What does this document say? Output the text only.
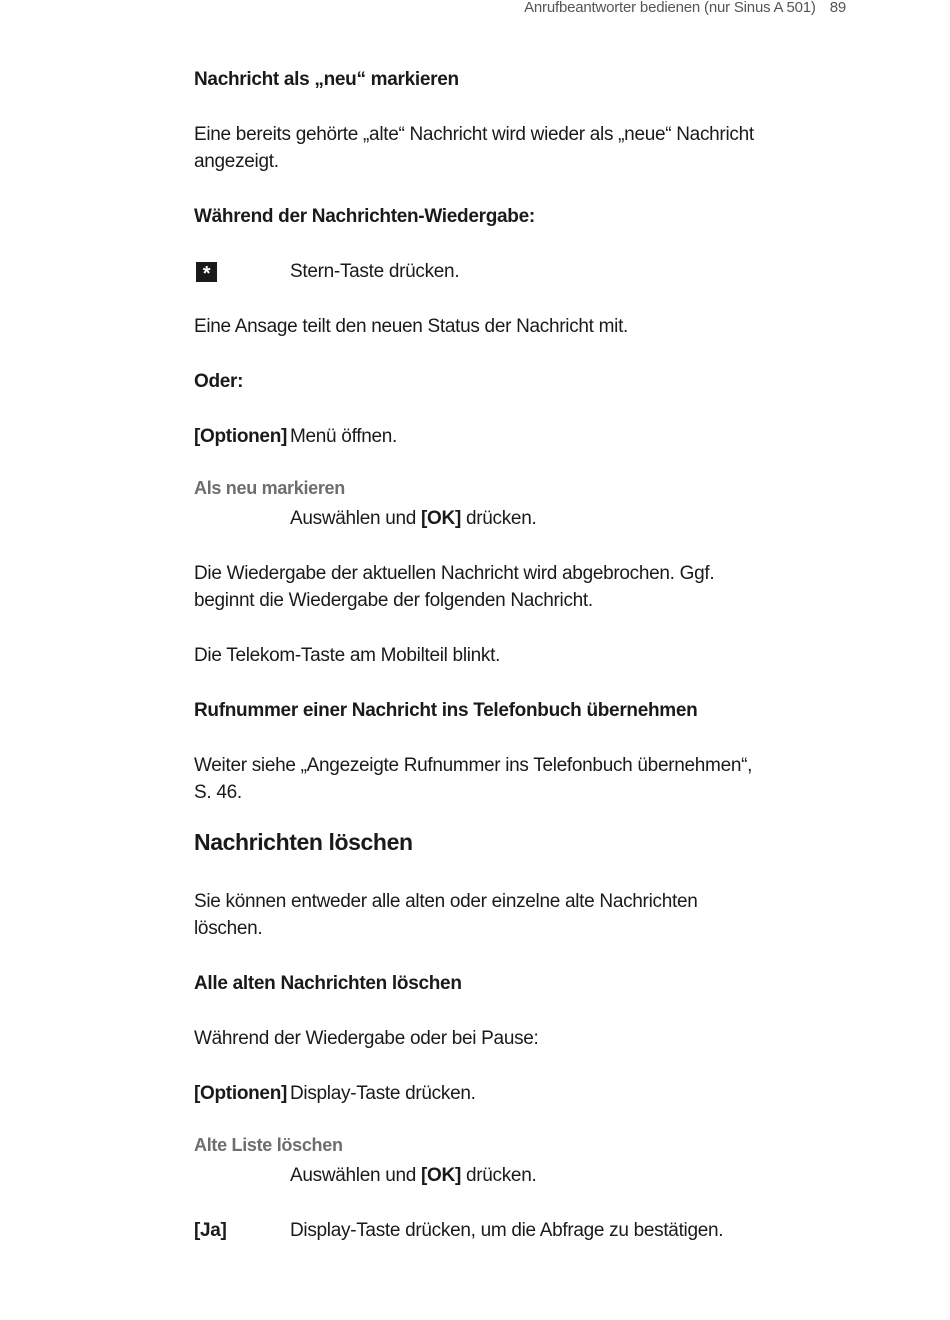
Anrufbeantworter bedienen (nur Sinus A 501) 89
Nachricht als „neu“ markieren
Eine bereits gehörte „alte“ Nachricht wird wieder als „neue“ Nachricht
angezeigt.
Während der Nachrichten-Wiedergabe:
*	Stern-Taste drücken.
Eine Ansage teilt den neuen Status der Nachricht mit.
Oder:
[Optionen] Menü öffnen.
Als neu markieren
Auswählen und [OK] drücken.
Die Wiedergabe der aktuellen Nachricht wird abgebrochen. Ggf.
beginnt die Wiedergabe der folgenden Nachricht.
Die Telekom-Taste am Mobilteil blinkt.
Rufnummer einer Nachricht ins Telefonbuch übernehmen
Weiter siehe „Angezeigte Rufnummer ins Telefonbuch übernehmen“,
S. 46.
Nachrichten löschen
Sie können entweder alle alten oder einzelne alte Nachrichten
löschen.
Alle alten Nachrichten löschen
Während der Wiedergabe oder bei Pause:
[Optionen] Display-Taste drücken.
Alte Liste löschen
Auswählen und [OK] drücken.
[Ja]	Display-Taste drücken, um die Abfrage zu bestätigen.
